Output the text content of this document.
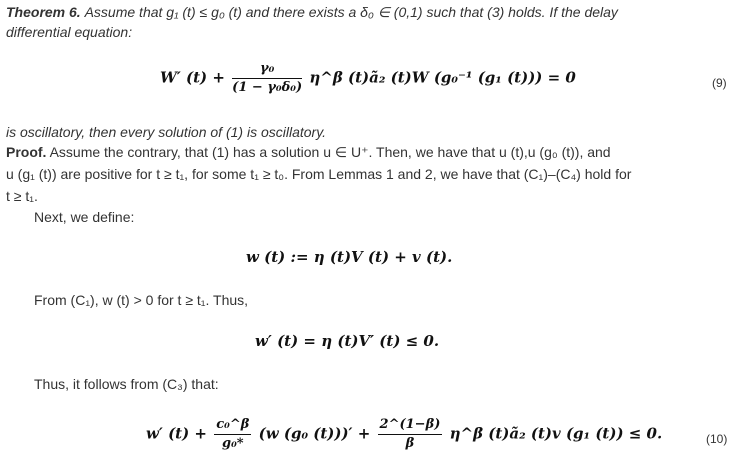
Theorem 6. Assume that g₁ (t) ≤ g₀ (t) and there exists a δ₀ ∈ (0,1) such that (3) holds. If the delay
differential equation:
W′ $(t) + \frac{\text{γ₀}}{\text{(1 − γ₀δ₀)}}$ η^β (t)ã₂ (t)W (g₀⁻¹ (g₁ (t))) = 0	(9)
is oscillatory, then every solution of (1) is oscillatory.
Proof. Assume the contrary, that (1) has a solution u ∈ U⁺. Then, we have that u (t),u (g₀ (t)), and
u (g₁ (t)) are positive for t ≥ t₁, for some t₁ ≥ t₀. From Lemmas 1 and 2, we have that (C₁)–(C₄) hold for
t ≥ t₁.
Next, we define:
w (t) := η (t)V (t) + v (t).
From (C₁), w (t) > 0 for t ≥ t₁. Thus,
w′ (t) = η (t)V′ (t) ≤ 0.
Thus, it follows from (C₃) that:
w′ $(t) + \frac{\text{c₀\textasciicircum{}β}}{\text{g₀*}} (w$ (g₀ $(t)))' + \frac{2\^{}(1-\beta)}{\beta}$ η^β (t)ã₂ (t)v (g₁ (t)) ≤ 0.	(10)
